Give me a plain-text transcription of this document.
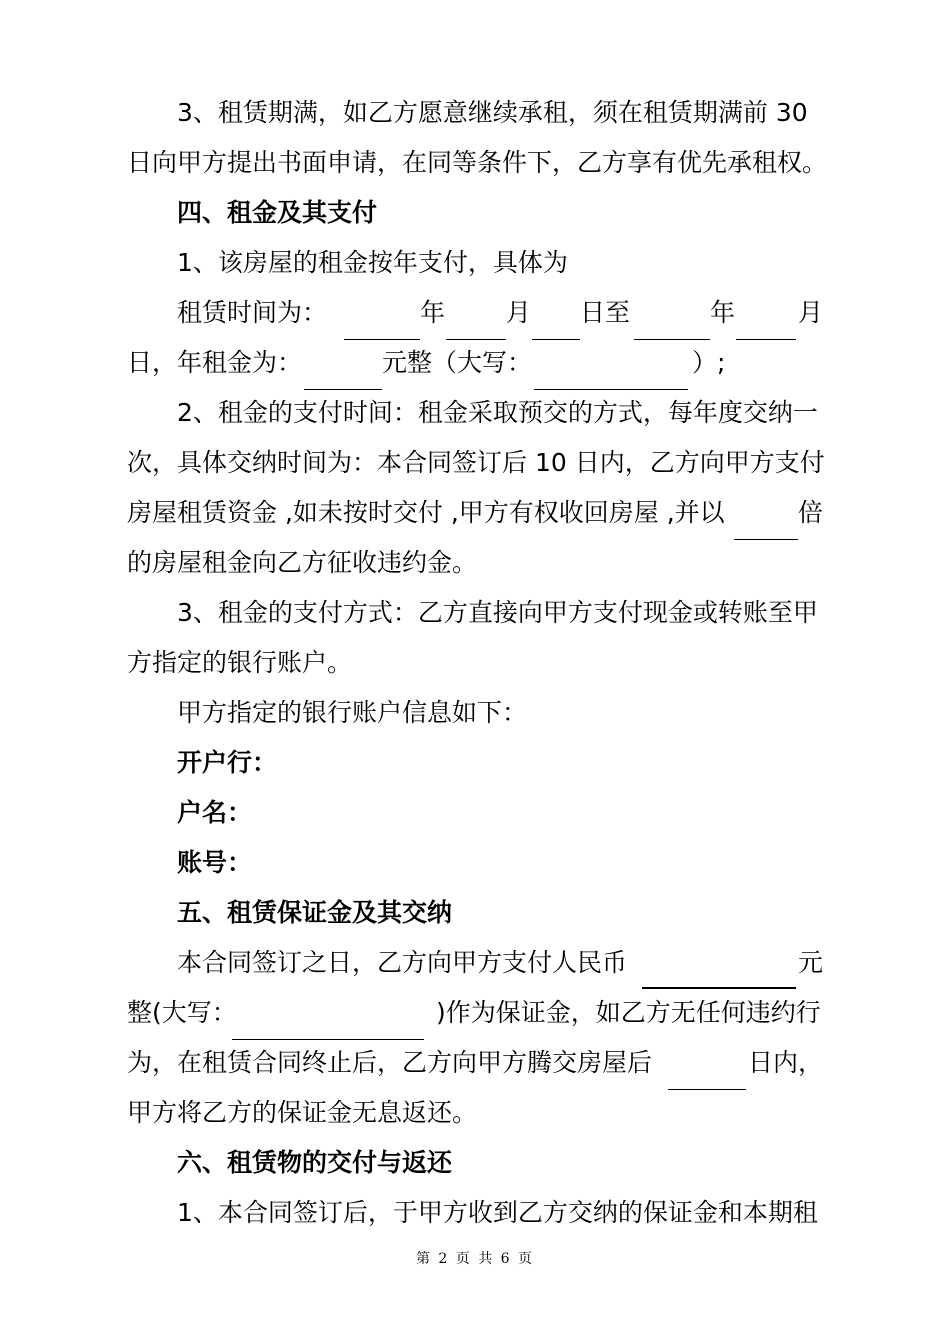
3、租赁期满，如乙方愿意继续承租，须在租赁期满前 30
日向甲方提出书面申请，在同等条件下，乙方享有优先承租权。
四、租金及其支付
1、该房屋的租金按年支付，具体为
租赁时间为：	年 月 日至	年	月
日，年租金为：	元整（大写：	）;
2、租金的支付时间：租金采取预交的方式，每年度交纳一
次，具体交纳时间为：本合同签订后 10 日内，乙方向甲方支付
房屋租赁资金 ,如未按时交付 ,甲方有权收回房屋 ,并以	倍
的房屋租金向乙方征收违约金。
3、租金的支付方式：乙方直接向甲方支付现金或转账至甲
方指定的银行账户。
甲方指定的银行账户信息如下：
开户行：
户名：
账号：
五、租赁保证金及其交纳
本合同签订之日，乙方向甲方支付人民币	元
整(大写：	)作为保证金，如乙方无任何违约行
为，在租赁合同终止后，乙方向甲方腾交房屋后	日内，
甲方将乙方的保证金无息返还。
六、租赁物的交付与返还
1、本合同签订后，于甲方收到乙方交纳的保证金和本期租
第 2 页 共 6 页
